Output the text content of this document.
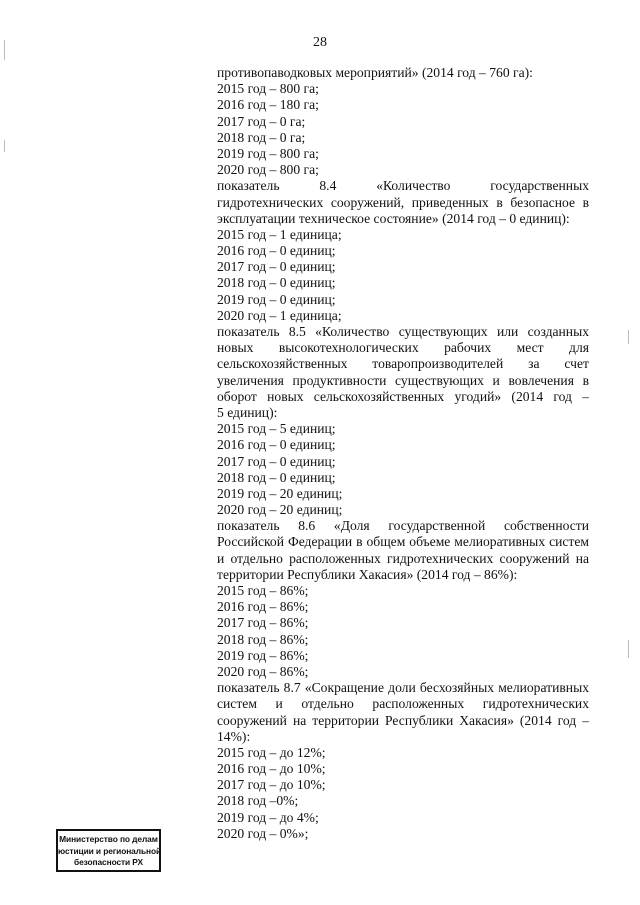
28
противопаводковых мероприятий» (2014 год – 760 га):
2015 год – 800 га;
2016 год – 180 га;
2017 год – 0 га;
2018 год – 0 га;
2019 год – 800 га;
2020 год – 800 га;
показатель 8.4 «Количество государственных
гидротехнических сооружений, приведенных в безопасное в
эксплуатации техническое состояние» (2014 год – 0 единиц):
2015 год – 1 единица;
2016 год – 0 единиц;
2017 год – 0 единиц;
2018 год – 0 единиц;
2019 год – 0 единиц;
2020 год – 1 единица;
показатель 8.5 «Количество существующих или созданных
новых высокотехнологических рабочих мест для
сельскохозяйственных товаропроизводителей за счет
увеличения продуктивности существующих и вовлечения в
оборот новых сельскохозяйственных угодий» (2014 год –
5 единиц):
2015 год – 5 единиц;
2016 год – 0 единиц;
2017 год – 0 единиц;
2018 год – 0 единиц;
2019 год – 20 единиц;
2020 год – 20 единиц;
показатель 8.6 «Доля государственной собственности
Российской Федерации в общем объеме мелиоративных систем
и отдельно расположенных гидротехнических сооружений на
территории Республики Хакасия» (2014 год – 86%):
2015 год – 86%;
2016 год – 86%;
2017 год – 86%;
2018 год – 86%;
2019 год – 86%;
2020 год – 86%;
показатель 8.7 «Сокращение доли бесхозяйных мелиоративных
систем и отдельно расположенных гидротехнических
сооружений на территории Республики Хакасия» (2014 год –
14%):
2015 год – до 12%;
2016 год – до 10%;
2017 год – до 10%;
2018 год –0%;
2019 год – до 4%;
2020 год – 0%»;
Министерство по делам
юстиции и региональной
безопасности РХ
